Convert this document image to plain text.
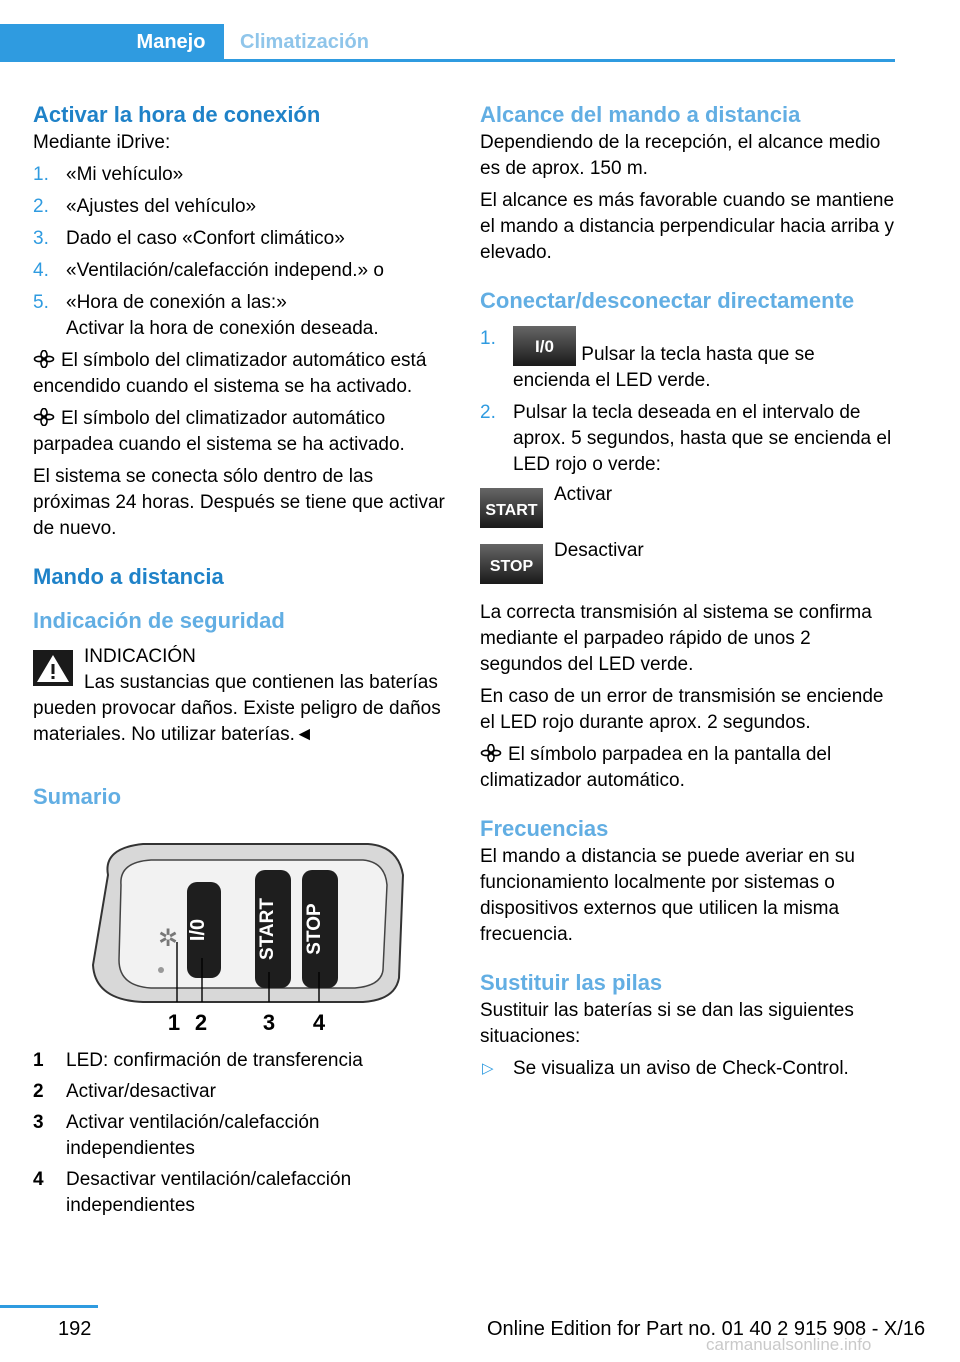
Manejo	Climatización
Activar la hora de conexión

Mediante iDrive:

1. «Mi vehículo»
2. «Ajustes del vehículo»
3. Dado el caso «Confort climático»
4. «Ventilación/calefacción independ.» o
5. «Hora de conexión a las:»
Activar la hora de conexión deseada.

El símbolo del climatizador automático está encendido cuando el sistema se ha activado.

El símbolo del climatizador automático parpadea cuando el sistema se ha activado.

El sistema se conecta sólo dentro de las próximas 24 horas. Después se tiene que activar de nuevo.

Mando a distancia
Indicación de seguridad

INDICACIÓN

Las sustancias que contienen las baterías pueden provocar daños. Existe peligro de daños materiales. No utilizar baterías.◄

Sumario
✲ I/0	START STOP
1 2	3 4
1 LED: confirmación de transferencia
2 Activar/desactivar
3 Activar ventilación/calefacción independientes
4 Desactivar ventilación/calefacción independientes
Alcance del mando a distancia

Dependiendo de la recepción, el alcance medio es de aprox. 150 m.

El alcance es más favorable cuando se mantiene el mando a distancia perpendicular hacia arriba y elevado.

Conectar/desconectar directamente
1. I/0 Pulsar la tecla hasta que se encienda el LED verde.
2. Pulsar la tecla deseada en el intervalo de aprox. 5 segundos, hasta que se encienda el LED rojo o verde:
START
Activar
STOP
Desactivar

La correcta transmisión al sistema se confirma mediante el parpadeo rápido de unos 2 segundos del LED verde.

En caso de un error de transmisión se enciende el LED rojo durante aprox. 2 segundos.

El símbolo parpadea en la pantalla del climatizador automático.

Frecuencias

El mando a distancia se puede averiar en su funcionamiento localmente por sistemas o dispositivos externos que utilicen la misma frecuencia.

Sustituir las pilas

Sustituir las baterías si se dan las siguientes situaciones:

▷ Se visualiza un aviso de Check-Control.
192	Online Edition for Part no. 01 40 2 915 908 - X/16
carmanualsonline.info
